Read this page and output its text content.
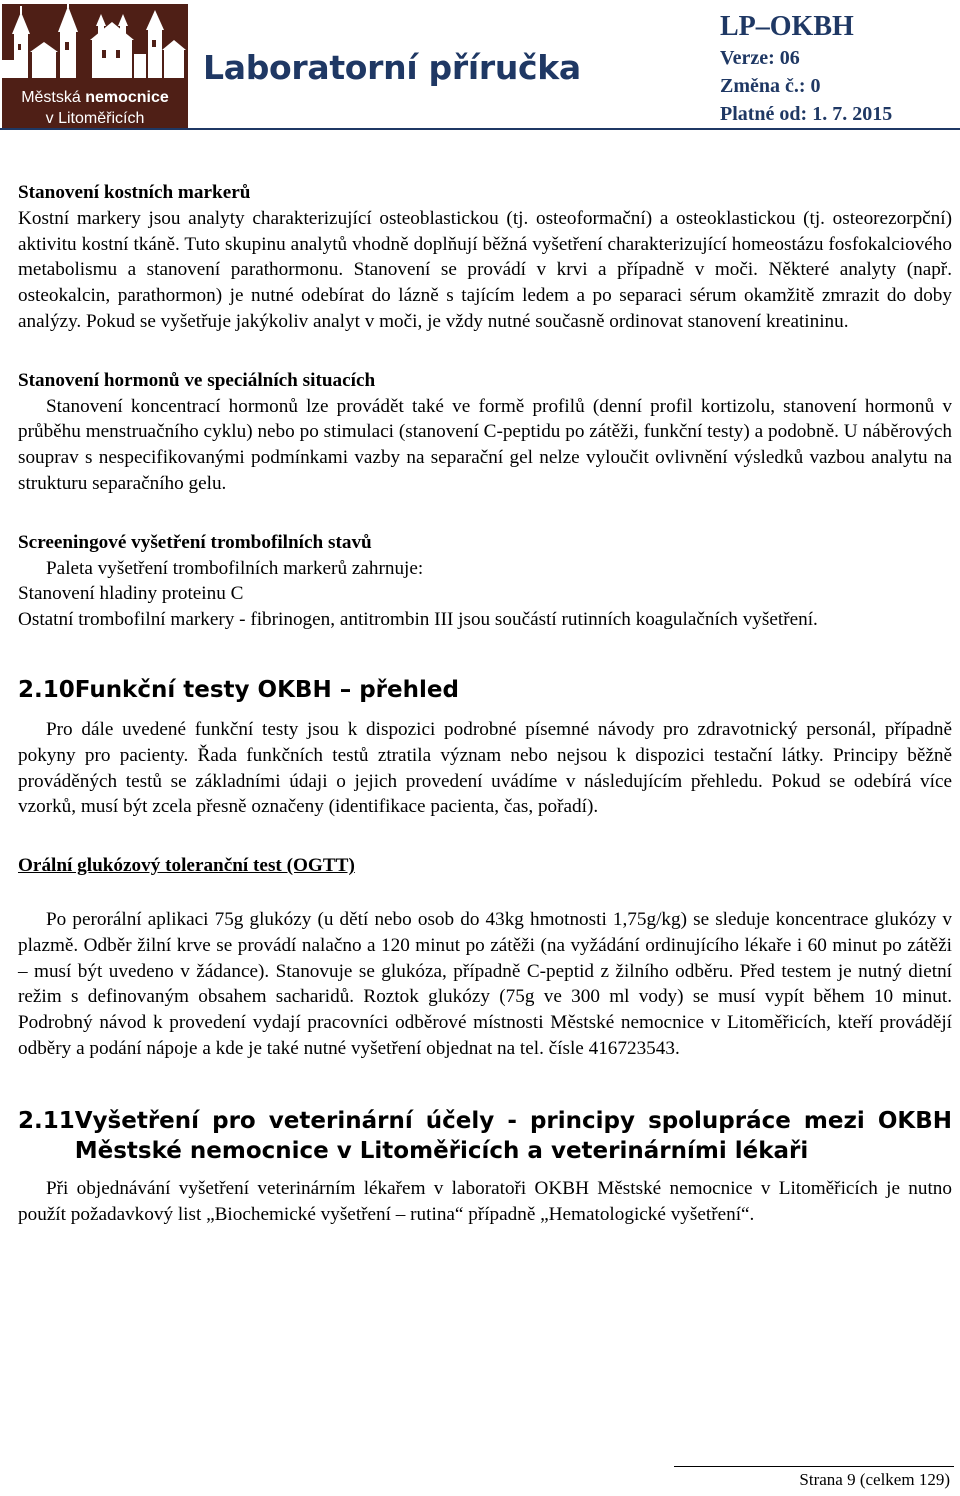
Městská nemocnice
v Litoměřicích
Laboratorní příručka
LP–OKBH
Verze: 06
Změna č.: 0
Platné od: 1. 7. 2015
Stanovení kostních markerů

Kostní markery jsou analyty charakterizující osteoblastickou (tj. osteoformační) a osteoklastickou (tj. osteorezorpční) aktivitu kostní tkáně. Tuto skupinu analytů vhodně doplňují běžná vyšetření charakterizující homeostázu fosfokalciového metabolismu a stanovení parathormonu. Stanovení se provádí v krvi a případně v moči. Některé analyty (např. osteokalcin, parathormon) je nutné odebírat do lázně s tajícím ledem a po separaci sérum okamžitě zmrazit do doby analýzy. Pokud se vyšetřuje jakýkoliv analyt v moči, je vždy nutné současně ordinovat stanovení kreatininu.

Stanovení hormonů ve speciálních situacích

Stanovení koncentrací hormonů lze provádět také ve formě profilů (denní profil kortizolu, stanovení hormonů v průběhu menstruačního cyklu) nebo po stimulaci (stanovení C-peptidu po zátěži, funkční testy) a podobně. U náběrových souprav s nespecifikovanými podmínkami vazby na separační gel nelze vyloučit ovlivnění výsledků vazbou analytu na strukturu separačního gelu.

Screeningové vyšetření trombofilních stavů

Paleta vyšetření trombofilních markerů zahrnuje:

Stanovení hladiny proteinu C

Ostatní trombofilní markery - fibrinogen, antitrombin III jsou součástí rutinních koagulačních vyšetření.

2.10Funkční testy OKBH – přehled

Pro dále uvedené funkční testy jsou k dispozici podrobné písemné návody pro zdravotnický personál, případně pokyny pro pacienty. Řada funkčních testů ztratila význam nebo nejsou k dispozici testační látky. Principy běžně prováděných testů se základními údaji o jejich provedení uvádíme v následujícím přehledu. Pokud se odebírá více vzorků, musí být zcela přesně označeny (identifikace pacienta, čas, pořadí).

Orální glukózový toleranční test (OGTT)

Po perorální aplikaci 75g glukózy (u dětí nebo osob do 43kg hmotnosti 1,75g/kg) se sleduje koncentrace glukózy v plazmě. Odběr žilní krve se provádí nalačno a 120 minut po zátěži (na vyžádání ordinujícího lékaře i 60 minut po zátěži – musí být uvedeno v žádance). Stanovuje se glukóza, případně C-peptid z žilního odběru. Před testem je nutný dietní režim s definovaným obsahem sacharidů. Roztok glukózy (75g ve 300 ml vody) se musí vypít během 10 minut. Podrobný návod k provedení vydají pracovníci odběrové místnosti Městské nemocnice v Litoměřicích, kteří provádějí odběry a podání nápoje a kde je také nutné vyšetření objednat na tel. čísle 416723543.

2.11 Vyšetření pro veterinární účely - principy spolupráce mezi OKBH
Městské nemocnice v Litoměřicích a veterinárními lékaři

Při objednávání vyšetření veterinárním lékařem v laboratoři OKBH Městské nemocnice v Litoměřicích je nutno použít požadavkový list „Biochemické vyšetření – rutina“ případně „Hematologické vyšetření“.

Strana 9 (celkem 129)
